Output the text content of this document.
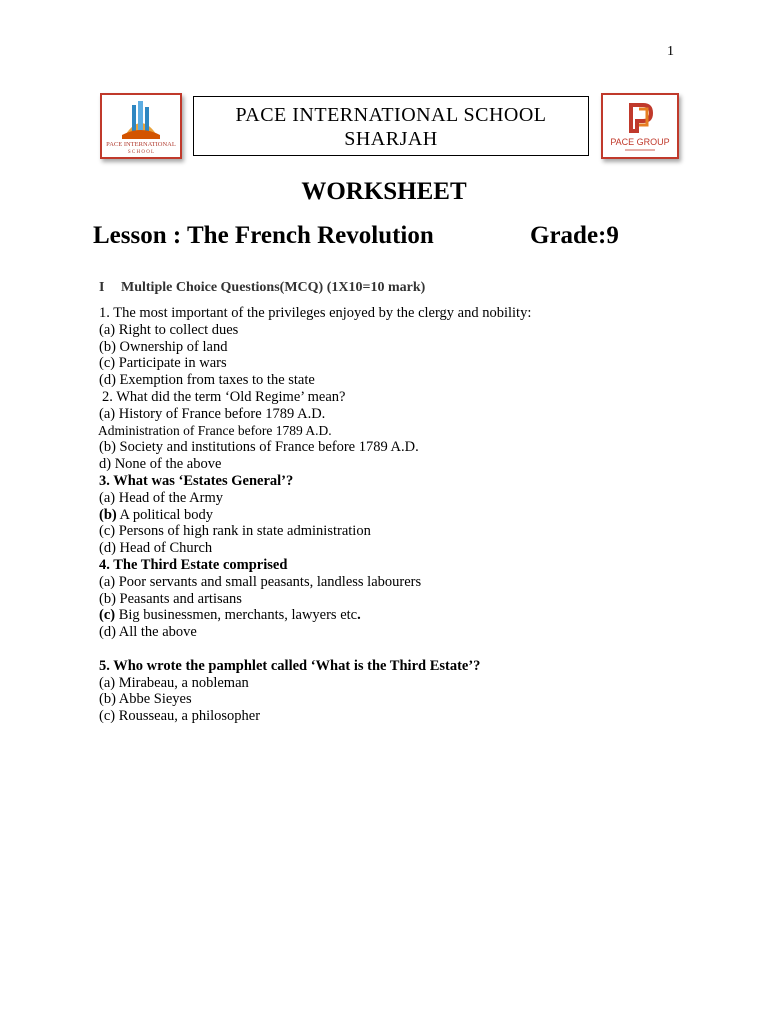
1
PACE INTERNATIONAL
S C H O O L
PACE INTERNATIONAL SCHOOL
SHARJAH	PACE GROUP
WORKSHEET
Lesson : The French Revolution	Grade:9
I Multiple Choice Questions(MCQ) (1X10=10 mark)
1. The most important of the privileges enjoyed by the clergy and nobility:
(a) Right to collect dues
(b) Ownership of land
(c) Participate in wars
(d) Exemption from taxes to the state
2. What did the term ‘Old Regime’ mean?
(a) History of France before 1789 A.D.
Administration of France before 1789 A.D.
(b) Society and institutions of France before 1789 A.D.
d) None of the above
3. What was ‘Estates General’?
(a) Head of the Army
(b) A political body
(c) Persons of high rank in state administration
(d) Head of Church
4. The Third Estate comprised
(a) Poor servants and small peasants, landless labourers
(b) Peasants and artisans
(c) Big businessmen, merchants, lawyers etc.
(d) All the above
5. Who wrote the pamphlet called ‘What is the Third Estate’?
(a) Mirabeau, a nobleman
(b) Abbe Sieyes
(c) Rousseau, a philosopher
